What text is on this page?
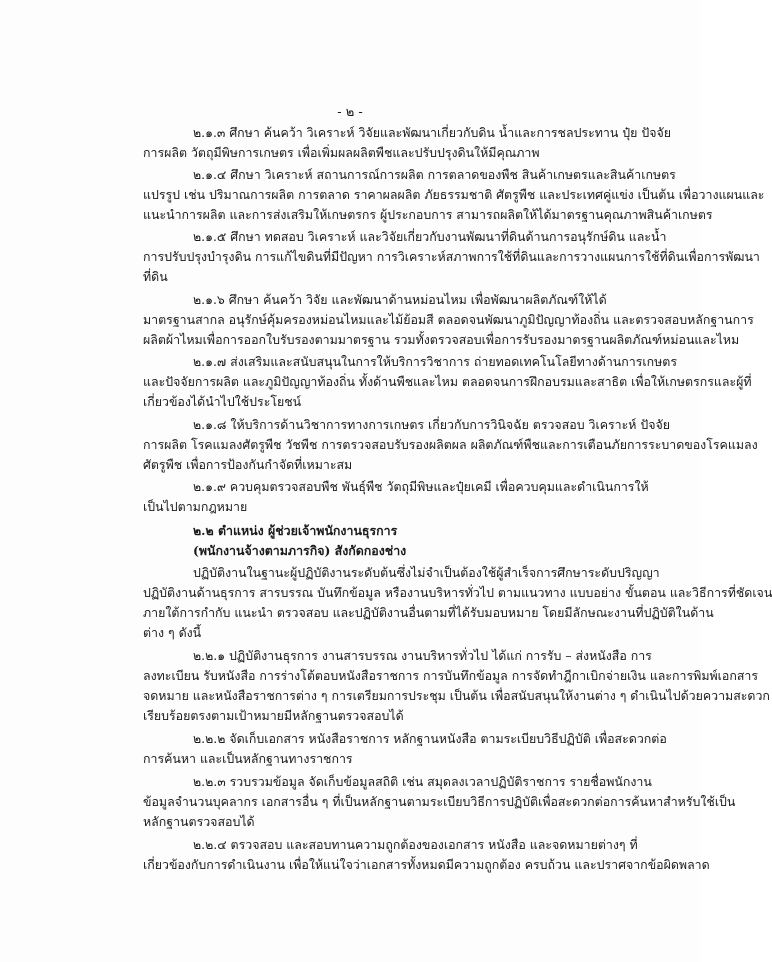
- ๒ -
๒.๑.๓ ศึกษา ค้นคว้า วิเคราะห์ วิจัยและพัฒนาเกี่ยวกับดิน น้ำและการชลประทาน ปุ๋ย ปัจจัย
การผลิต วัตถุมีพิษการเกษตร เพื่อเพิ่มผลผลิตพืชและปรับปรุงดินให้มีคุณภาพ
๒.๑.๔ ศึกษา วิเคราะห์ สถานการณ์การผลิต การตลาดของพืช สินค้าเกษตรและสินค้าเกษตร
แปรรูป เช่น ปริมาณการผลิต การตลาด ราคาผลผลิต ภัยธรรมชาติ ศัตรูพืช และประเทศคู่แข่ง เป็นต้น เพื่อวางแผนและ
แนะนำการผลิต และการส่งเสริมให้เกษตรกร ผู้ประกอบการ สามารถผลิตให้ได้มาตรฐานคุณภาพสินค้าเกษตร
๒.๑.๕ ศึกษา ทดสอบ วิเคราะห์ และวิจัยเกี่ยวกับงานพัฒนาที่ดินด้านการอนุรักษ์ดิน และน้ำ
การปรับปรุงบำรุงดิน การแก้ไขดินที่มีปัญหา การวิเคราะห์สภาพการใช้ที่ดินและการวางแผนการใช้ที่ดินเพื่อการพัฒนา
ที่ดิน
๒.๑.๖ ศึกษา ค้นคว้า วิจัย และพัฒนาด้านหม่อนไหม เพื่อพัฒนาผลิตภัณฑ์ให้ได้
มาตรฐานสากล อนุรักษ์คุ้มครองหม่อนไหมและไม้ย้อมสี ตลอดจนพัฒนาภูมิปัญญาท้องถิ่น และตรวจสอบหลักฐานการ
ผลิตผ้าไหมเพื่อการออกใบรับรองตามมาตรฐาน รวมทั้งตรวจสอบเพื่อการรับรองมาตรฐานผลิตภัณฑ์หม่อนและไหม
๒.๑.๗ ส่งเสริมและสนับสนุนในการให้บริการวิชาการ ถ่ายทอดเทคโนโลยีทางด้านการเกษตร
และปัจจัยการผลิต และภูมิปัญญาท้องถิ่น ทั้งด้านพืชและไหม ตลอดจนการฝึกอบรมและสาธิต เพื่อให้เกษตรกรและผู้ที่
เกี่ยวข้องได้นำไปใช้ประโยชน์
๒.๑.๘ ให้บริการด้านวิชาการทางการเกษตร เกี่ยวกับการวินิจฉัย ตรวจสอบ วิเคราะห์ ปัจจัย
การผลิต โรคแมลงศัตรูพืช วัชพืช การตรวจสอบรับรองผลิตผล ผลิตภัณฑ์พืชและการเตือนภัยการระบาดของโรคแมลง
ศัตรูพืช เพื่อการป้องกันกำจัดที่เหมาะสม
๒.๑.๙ ควบคุมตรวจสอบพืช พันธุ์พืช วัตถุมีพิษและปุ๋ยเคมี เพื่อควบคุมและดำเนินการให้
เป็นไปตามกฎหมาย
๒.๒ ตำแหน่ง ผู้ช่วยเจ้าพนักงานธุรการ
(พนักงานจ้างตามภารกิจ) สังกัดกองช่าง
ปฏิบัติงานในฐานะผู้ปฏิบัติงานระดับต้นซึ่งไม่จำเป็นต้องใช้ผู้สำเร็จการศึกษาระดับปริญญา
ปฏิบัติงานด้านธุรการ สารบรรณ บันทึกข้อมูล หรืองานบริหารทั่วไป ตามแนวทาง แบบอย่าง ขั้นตอน และวิธีการที่ชัดเจน
ภายใต้การกำกับ แนะนำ ตรวจสอบ และปฏิบัติงานอื่นตามที่ได้รับมอบหมาย โดยมีลักษณะงานที่ปฏิบัติในด้าน
ต่าง ๆ ดังนี้
๒.๒.๑ ปฏิบัติงานธุรการ งานสารบรรณ งานบริหารทั่วไป ได้แก่ การรับ – ส่งหนังสือ การ
ลงทะเบียน รับหนังสือ การร่างโต้ตอบหนังสือราชการ การบันทึกข้อมูล การจัดทำฎีกาเบิกจ่ายเงิน และการพิมพ์เอกสาร
จดหมาย และหนังสือราชการต่าง ๆ การเตรียมการประชุม เป็นต้น เพื่อสนับสนุนให้งานต่าง ๆ ดำเนินไปด้วยความสะดวก
เรียบร้อยตรงตามเป้าหมายมีหลักฐานตรวจสอบได้
๒.๒.๒ จัดเก็บเอกสาร หนังสือราชการ หลักฐานหนังสือ ตามระเบียบวิธีปฏิบัติ เพื่อสะดวกต่อ
การค้นหา และเป็นหลักฐานทางราชการ
๒.๒.๓ รวบรวมข้อมูล จัดเก็บข้อมูลสถิติ เช่น สมุดลงเวลาปฏิบัติราชการ รายชื่อพนักงาน
ข้อมูลจำนวนบุคลากร เอกสารอื่น ๆ ที่เป็นหลักฐานตามระเบียบวิธีการปฏิบัติเพื่อสะดวกต่อการค้นหาสำหรับใช้เป็น
หลักฐานตรวจสอบได้
๒.๒.๔ ตรวจสอบ และสอบทานความถูกต้องของเอกสาร หนังสือ และจดหมายต่างๆ ที่
เกี่ยวข้องกับการดำเนินงาน เพื่อให้แน่ใจว่าเอกสารทั้งหมดมีความถูกต้อง ครบถ้วน และปราศจากข้อผิดพลาด
